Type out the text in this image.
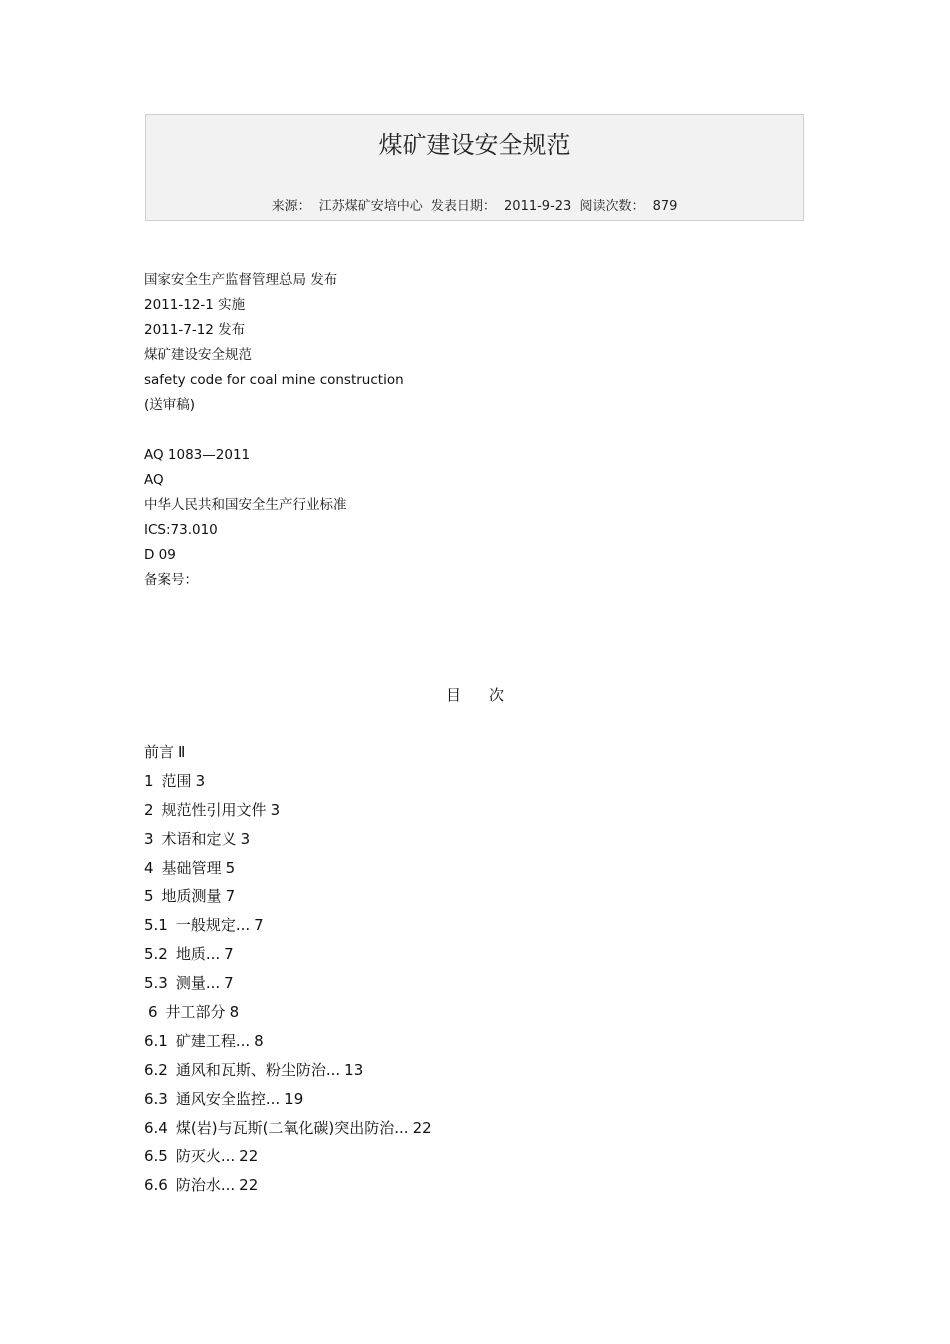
煤矿建设安全规范
来源： 江苏煤矿安培中心 发表日期： 2011-9-23 阅读次数： 879
国家安全生产监督管理总局 发布
2011-12-1 实施
2011-7-12 发布
煤矿建设安全规范
safety code for coal mine construction
(送审稿)
AQ 1083—2011
AQ
中华人民共和国安全生产行业标准
ICS:73.010
D 09
备案号：
目次
前言 Ⅱ
1 范围 3
2 规范性引用文件 3
3 术语和定义 3
4 基础管理 5
5 地质测量 7
5.1 一般规定... 7
5.2 地质... 7
5.3 测量... 7
6 井工部分 8
6.1 矿建工程... 8
6.2 通风和瓦斯、粉尘防治... 13
6.3 通风安全监控... 19
6.4 煤(岩)与瓦斯(二氧化碳)突出防治... 22
6.5 防灭火... 22
6.6 防治水... 22
